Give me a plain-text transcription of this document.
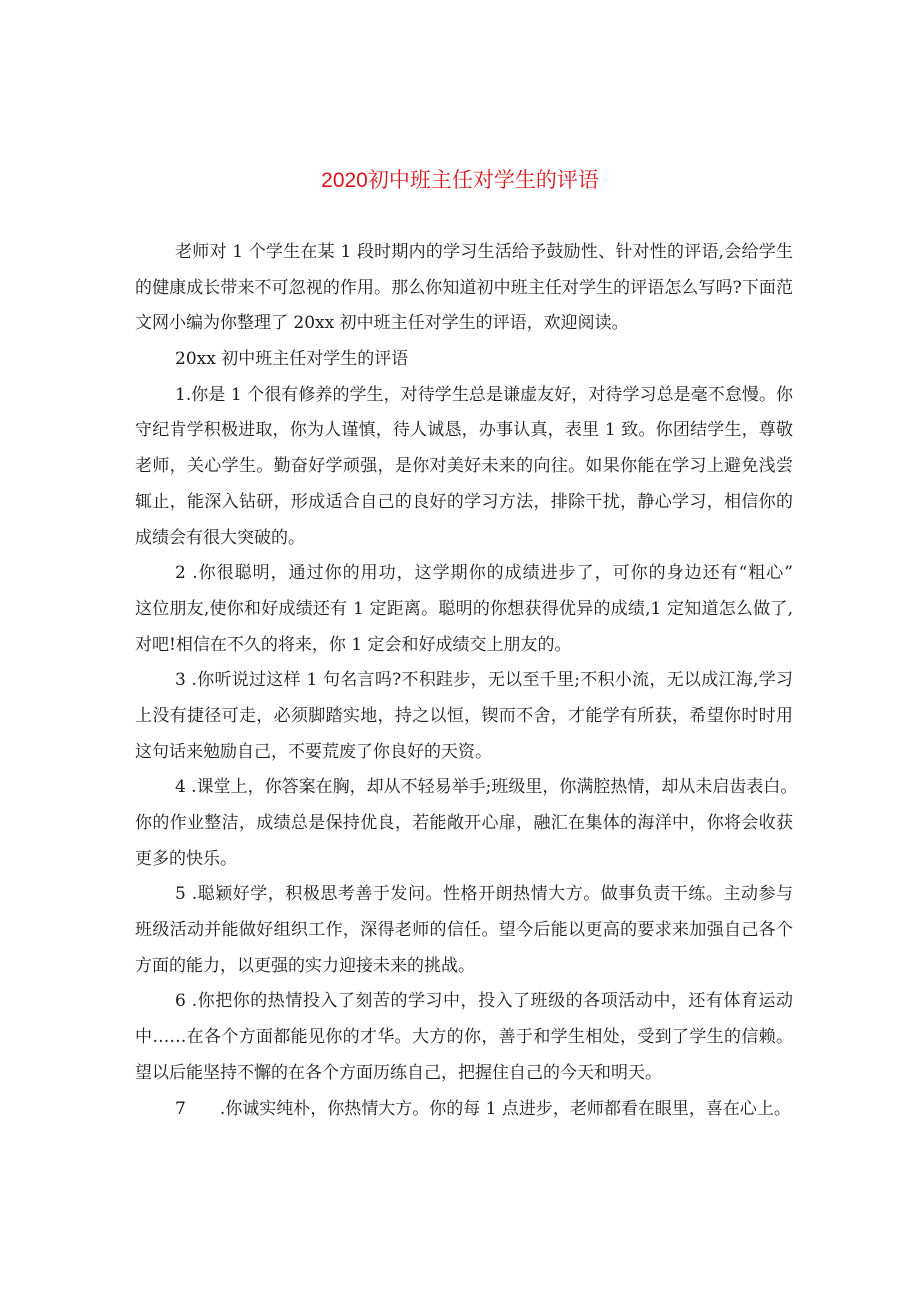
2020初中班主任对学生的评语
老师对 1 个学生在某 1 段时期内的学习生活给予鼓励性、针对性的评语,会给学生
的健康成长带来不可忽视的作用。那么你知道初中班主任对学生的评语怎么写吗?下面范
文网小编为你整理了 20xx 初中班主任对学生的评语，欢迎阅读。
20xx 初中班主任对学生的评语
1.你是 1 个很有修养的学生，对待学生总是谦虚友好，对待学习总是毫不怠慢。你
守纪肯学积极进取，你为人谨慎，待人诚恳，办事认真，表里 1 致。你团结学生，尊敬
老师，关心学生。勤奋好学顽强，是你对美好未来的向往。如果你能在学习上避免浅尝
辄止，能深入钻研，形成适合自己的良好的学习方法，排除干扰，静心学习，相信你的
成绩会有很大突破的。
2 .你很聪明，通过你的用功，这学期你的成绩进步了，可你的身边还有“粗心”
这位朋友,使你和好成绩还有 1 定距离。聪明的你想获得优异的成绩,1 定知道怎么做了,
对吧!相信在不久的将来，你 1 定会和好成绩交上朋友的。
3 .你听说过这样 1 句名言吗?不积跬步，无以至千里;不积小流，无以成江海,学习
上没有捷径可走，必须脚踏实地，持之以恒，锲而不舍，才能学有所获，希望你时时用
这句话来勉励自己，不要荒废了你良好的天资。
4 .课堂上，你答案在胸，却从不轻易举手;班级里，你满腔热情，却从未启齿表白。
你的作业整洁，成绩总是保持优良，若能敞开心扉，融汇在集体的海洋中，你将会收获
更多的快乐。
5 .聪颖好学，积极思考善于发问。性格开朗热情大方。做事负责干练。主动参与
班级活动并能做好组织工作，深得老师的信任。望今后能以更高的要求来加强自己各个
方面的能力，以更强的实力迎接未来的挑战。
6 .你把你的热情投入了刻苦的学习中，投入了班级的各项活动中，还有体育运动
中……在各个方面都能见你的才华。大方的你，善于和学生相处，受到了学生的信赖。
望以后能坚持不懈的在各个方面历练自己，把握住自己的今天和明天。
7　　.你诚实纯朴，你热情大方。你的每 1 点进步，老师都看在眼里，喜在心上。
